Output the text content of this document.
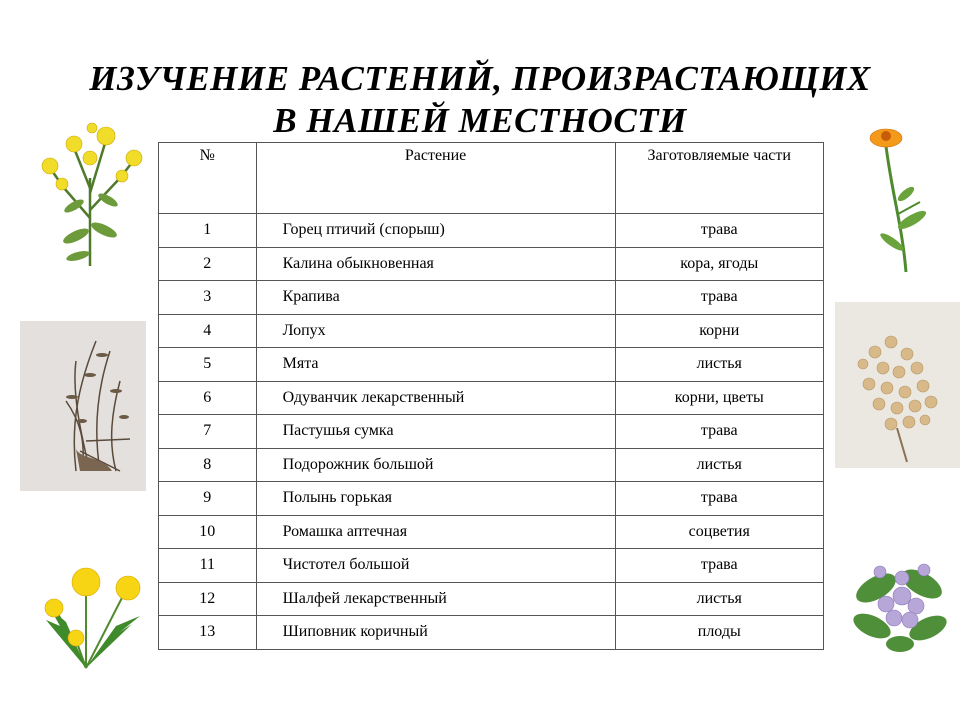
ИЗУЧЕНИЕ РАСТЕНИЙ, ПРОИЗРАСТАЮЩИХ
В НАШЕЙ МЕСТНОСТИ
№	Растение	Заготовляемые части
1	Горец птичий (спорыш)	трава
2	Калина обыкновенная	кора, ягоды
3	Крапива	трава
4	Лопух	корни
5	Мята	листья
6	Одуванчик лекарственный	корни, цветы
7	Пастушья сумка	трава
8	Подорожник большой	листья
9	Полынь горькая	трава
10	Ромашка аптечная	соцветия
11	Чистотел большой	трава
12	Шалфей лекарственный	листья
13	Шиповник коричный	плоды
